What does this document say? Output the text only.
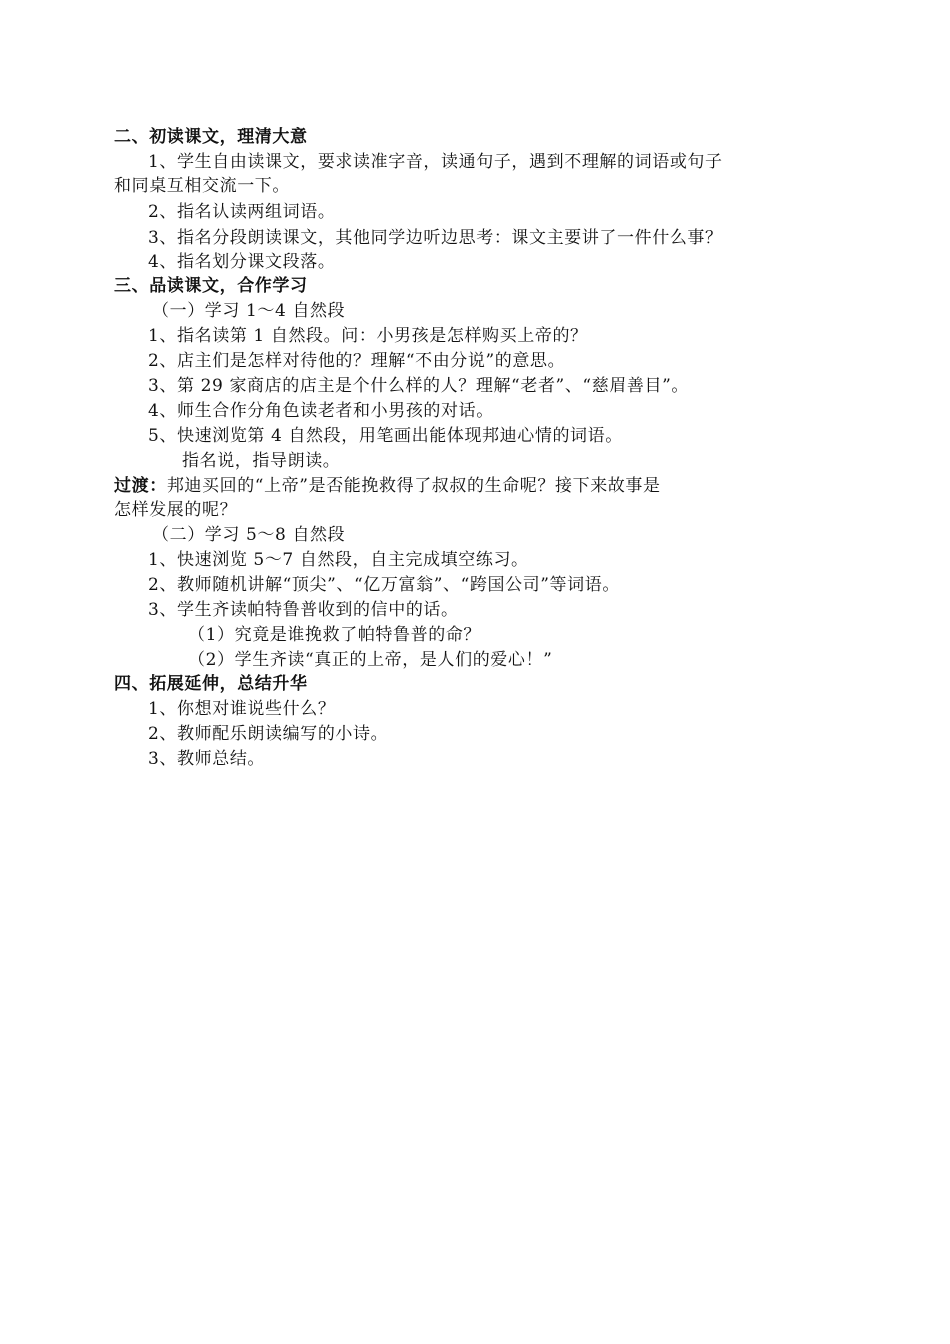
二、初读课文，理清大意
1、学生自由读课文，要求读准字音，读通句子，遇到不理解的词语或句子
和同桌互相交流一下。
2、指名认读两组词语。
3、指名分段朗读课文，其他同学边听边思考：课文主要讲了一件什么事？
4、指名划分课文段落。
三、品读课文，合作学习
（一）学习 1～4 自然段
1、指名读第 1 自然段。问：小男孩是怎样购买上帝的？
2、店主们是怎样对待他的？理解“不由分说”的意思。
3、第 29 家商店的店主是个什么样的人？理解“老者”、“慈眉善目”。
4、师生合作分角色读老者和小男孩的对话。
5、快速浏览第 4 自然段，用笔画出能体现邦迪心情的词语。
指名说，指导朗读。
过渡：邦迪买回的“上帝”是否能挽救得了叔叔的生命呢？接下来故事是
怎样发展的呢？
（二）学习 5～8 自然段
1、快速浏览 5～7 自然段，自主完成填空练习。
2、教师随机讲解“顶尖”、“亿万富翁”、“跨国公司”等词语。
3、学生齐读帕特鲁普收到的信中的话。
（1）究竟是谁挽救了帕特鲁普的命？
（2）学生齐读“真正的上帝，是人们的爱心！”
四、拓展延伸，总结升华
1、你想对谁说些什么？
2、教师配乐朗读编写的小诗。
3、教师总结。
